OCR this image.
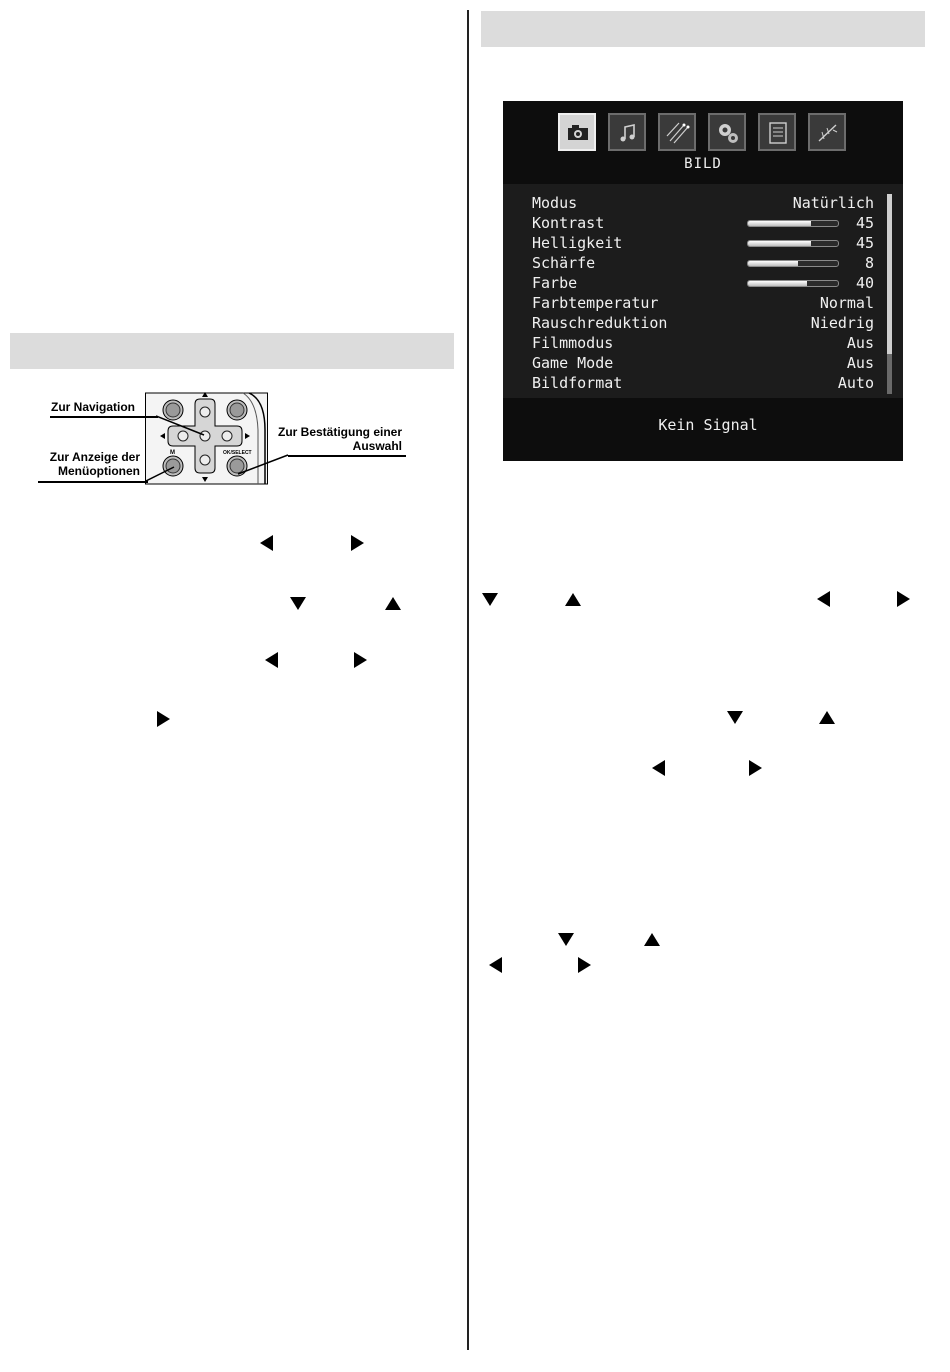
M	OK/SELECT
Zur Navigation
Zur Anzeige der
Menüoptionen
Zur Bestätigung einer
Auswahl
BILD
Modus	Natürlich
Kontrast	45
Helligkeit	45
Schärfe	8
Farbe	40
Farbtemperatur	Normal
Rauschreduktion	Niedrig
Filmmodus	Aus
Game Mode	Aus
Bildformat	Auto
Kein Signal
